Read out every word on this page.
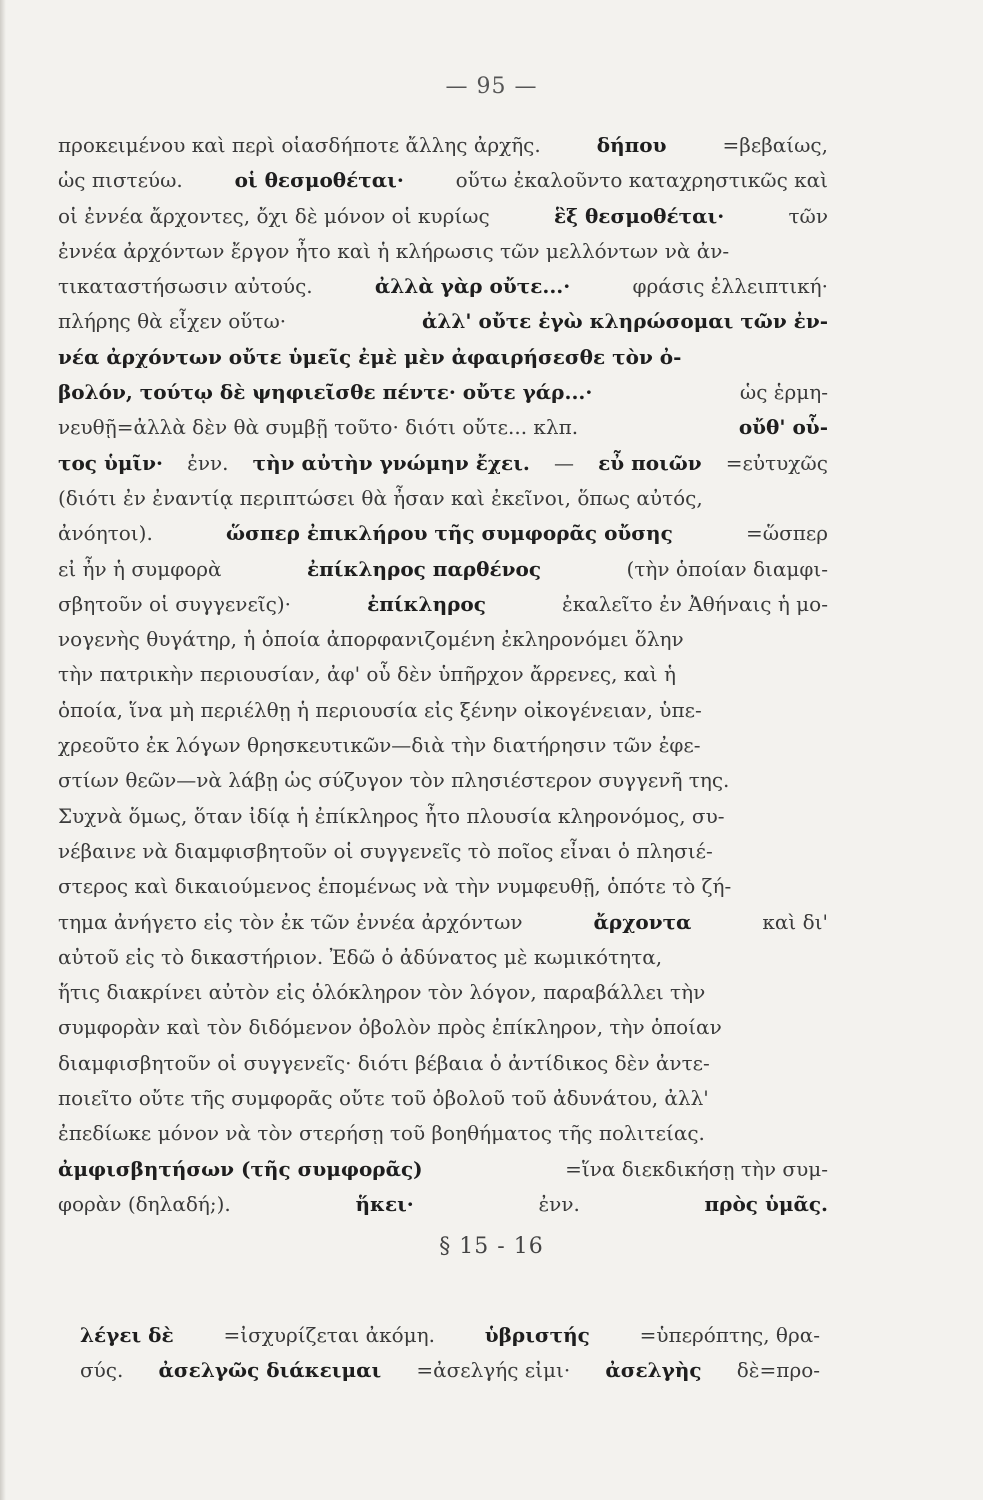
— 95 —
προκειμένου καὶ περὶ οἱασδήποτε ἄλλης ἀρχῆς.	δήπου	=βεβαίως,
ὡς πιστεύω.	οἱ θεσμοθέται·	οὕτω ἐκαλοῦντο καταχρηστικῶς καὶ
οἱ ἐννέα ἄρχοντες, ὄχι δὲ μόνον οἱ κυρίως	ἓξ θεσμοθέται·	τῶν
ἐννέα ἀρχόντων ἔργον ἦτο καὶ ἡ κλήρωσις τῶν μελλόντων νὰ ἀν-
τικαταστήσωσιν αὐτούς.	ἀλλὰ γὰρ οὔτε...·	φράσις ἐλλειπτική·
πλήρης θὰ εἶχεν οὕτω·	ἀλλ' οὔτε ἐγὼ κληρώσομαι τῶν ἐν-
νέα ἀρχόντων οὔτε ὑμεῖς ἐμὲ μὲν ἀφαιρήσεσθε τὸν ὀ-
βολόν, τούτῳ δὲ ψηφιεῖσθε πέντε· οὔτε γάρ...·	ὡς ἑρμη-
νευθῇ=ἀλλὰ δὲν θὰ συμβῇ τοῦτο· διότι οὔτε... κλπ.	οὔθ' οὗ-
τος ὑμῖν· ἐνν. τὴν αὐτὴν γνώμην ἔχει. — εὖ ποιῶν =εὐτυχῶς
(διότι ἐν ἐναντίᾳ περιπτώσει θὰ ἦσαν καὶ ἐκεῖνοι, ὅπως αὐτός,
ἀνόητοι).	ὥσπερ ἐπικλήρου τῆς συμφορᾶς οὔσης	=ὥσπερ
εἰ ἦν ἡ συμφορὰ	ἐπίκληρος παρθένος	(τὴν ὁποίαν διαμφι-
σβητοῦν οἱ συγγενεῖς)·	ἐπίκληρος	ἐκαλεῖτο ἐν Ἀθήναις ἡ μο-
νογενὴς θυγάτηρ, ἡ ὁποία ἀπορφανιζομένη ἐκληρονόμει ὅλην
τὴν πατρικὴν περιουσίαν, ἀφ' οὗ δὲν ὑπῆρχον ἄρρενες, καὶ ἡ
ὁποία, ἵνα μὴ περιέλθῃ ἡ περιουσία εἰς ξένην οἰκογένειαν, ὑπε-
χρεοῦτο ἐκ λόγων θρησκευτικῶν—διὰ τὴν διατήρησιν τῶν ἐφε-
στίων θεῶν—νὰ λάβῃ ὡς σύζυγον τὸν πλησιέστερον συγγενῆ της.
Συχνὰ ὅμως, ὅταν ἰδίᾳ ἡ ἐπίκληρος ἦτο πλουσία κληρονόμος, συ-
νέβαινε νὰ διαμφισβητοῦν οἱ συγγενεῖς τὸ ποῖος εἶναι ὁ πλησιέ-
στερος καὶ δικαιούμενος ἑπομένως νὰ τὴν νυμφευθῇ, ὁπότε τὸ ζή-
τημα ἀνήγετο εἰς τὸν ἐκ τῶν ἐννέα ἀρχόντων	ἄρχοντα	καὶ δι'
αὐτοῦ εἰς τὸ δικαστήριον. Ἐδῶ ὁ ἀδύνατος μὲ κωμικότητα,
ἥτις διακρίνει αὐτὸν εἰς ὁλόκληρον τὸν λόγον, παραβάλλει τὴν
συμφορὰν καὶ τὸν διδόμενον ὀβολὸν πρὸς ἐπίκληρον, τὴν ὁποίαν
διαμφισβητοῦν οἱ συγγενεῖς· διότι βέβαια ὁ ἀντίδικος δὲν ἀντε-
ποιεῖτο οὔτε τῆς συμφορᾶς οὔτε τοῦ ὀβολοῦ τοῦ ἀδυνάτου, ἀλλ'
ἐπεδίωκε μόνον νὰ τὸν στερήσῃ τοῦ βοηθήματος τῆς πολιτείας.
ἀμφισβητήσων (τῆς συμφορᾶς)	=ἵνα διεκδικήσῃ τὴν συμ-
φορὰν (δηλαδή;).	ἥκει·	ἐνν.	πρὸς ὑμᾶς.
§ 15 - 16
λέγει δὲ =ἰσχυρίζεται ἀκόμη. ὑβριστής =ὑπερόπτης, θρα-
σύς. ἀσελγῶς διάκειμαι =ἀσελγής εἰμι· ἀσελγὴς δὲ=προ-
